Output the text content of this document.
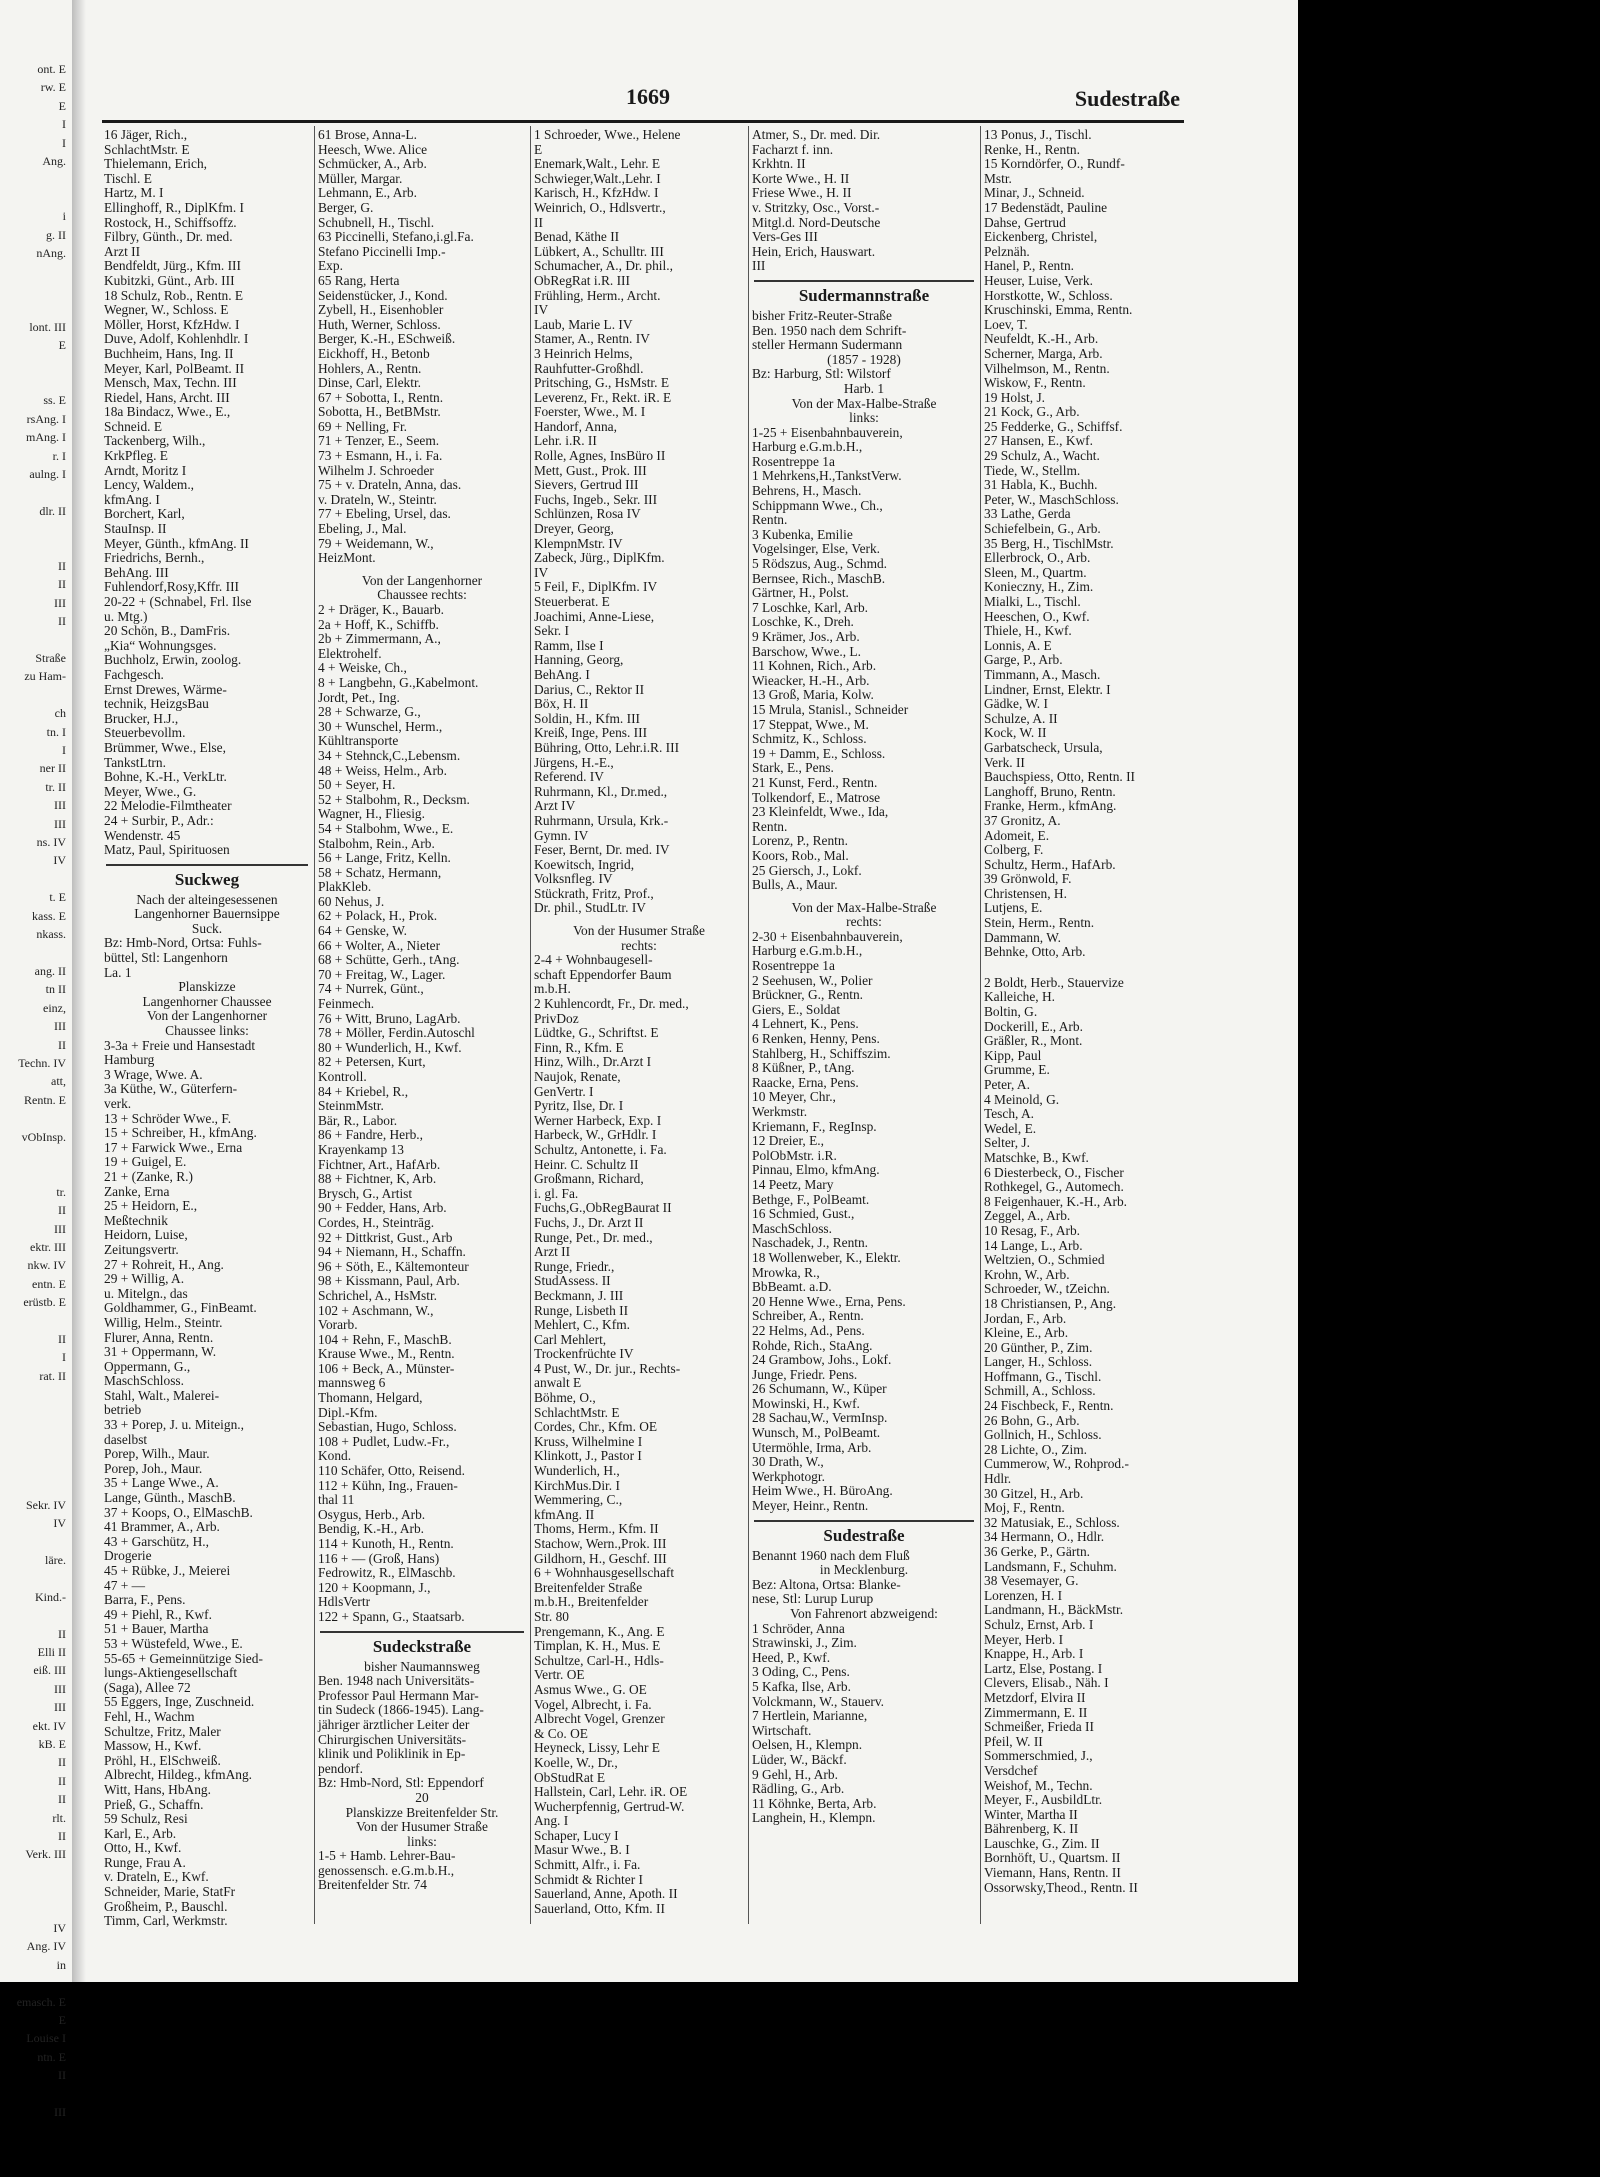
ont. E
rw. E
E
I
I
Ang.

i
g. II
nAng.

lont. III
E

ss. E
rsAng. I
mAng. I
r. I
aulng. I

dlr. II

II
II
III
II

Straße
zu Ham-

ch
tn. I
I
ner II
tr. II
III
III
ns. IV
IV

t. E
kass. E
nkass.

ang. II
tn II
einz,
III
II
Techn. IV
att,
Rentn. E

vObInsp.

tr.
II
III
ektr. III
nkw. IV
entn. E
erüstb. E

II
I
rat. II

Sekr. IV
IV

läre.

Kind.-

II
Elli II
eiß. III
III
III
ekt. IV
kB. E
II
II
II
rlt.
II
Verk. III

IV
Ang. IV
in

emasch. E
E
Louise I
ntn. E
II

III
1669	Sudestraße
16 Jäger, Rich.,
SchlachtMstr. E
Thielemann, Erich,
Tischl. E
Hartz, M. I
Ellinghoff, R., DiplKfm. I
Rostock, H., Schiffsoffz.
Filbry, Günth., Dr. med.
Arzt II
Bendfeldt, Jürg., Kfm. III
Kubitzki, Günt., Arb. III
18 Schulz, Rob., Rentn. E
Wegner, W., Schloss. E
Möller, Horst, KfzHdw. I
Duve, Adolf, Kohlenhdlr. I
Buchheim, Hans, Ing. II
Meyer, Karl, PolBeamt. II
Mensch, Max, Techn. III
Riedel, Hans, Archt. III
18a Bindacz, Wwe., E.,
Schneid. E
Tackenberg, Wilh.,
KrkPfleg. E
Arndt, Moritz I
Lency, Waldem.,
kfmAng. I
Borchert, Karl,
StauInsp. II
Meyer, Günth., kfmAng. II
Friedrichs, Bernh.,
BehAng. III
Fuhlendorf,Rosy,Kffr. III
20-22 + (Schnabel, Frl. Ilse
u. Mtg.)
20 Schön, B., DamFris.
„Kia“ Wohnungsges.
Buchholz, Erwin, zoolog.
Fachgesch.
Ernst Drewes, Wärme-
technik, HeizgsBau
Brucker, H.J.,
Steuerbevollm.
Brümmer, Wwe., Else,
TankstLtrn.
Bohne, K.-H., VerkLtr.
Meyer, Wwe., G.
22 Melodie-Filmtheater
24 + Surbir, P., Adr.:
Wendenstr. 45
Matz, Paul, Spirituosen
Suckweg
Nach der alteingesessenen
Langenhorner Bauernsippe
Suck.
Bz: Hmb-Nord, Ortsa: Fuhls-
büttel, Stl: Langenhorn
La. 1
Planskizze
Langenhorner Chaussee
Von der Langenhorner
Chaussee links:
3-3a + Freie und Hansestadt
Hamburg
3 Wrage, Wwe. A.
3a Küthe, W., Güterfern-
verk.
13 + Schröder Wwe., F.
15 + Schreiber, H., kfmAng.
17 + Farwick Wwe., Erna
19 + Guigel, E.
21 + (Zanke, R.)
Zanke, Erna
25 + Heidorn, E.,
Meßtechnik
Heidorn, Luise,
Zeitungsvertr.
27 + Rohreit, H., Ang.
29 + Willig, A.
u. Mitelgn., das
Goldhammer, G., FinBeamt.
Willig, Helm., Steintr.
Flurer, Anna, Rentn.
31 + Oppermann, W.
Oppermann, G.,
MaschSchloss.
Stahl, Walt., Malerei-
betrieb
33 + Porep, J. u. Miteign.,
daselbst
Porep, Wilh., Maur.
Porep, Joh., Maur.
35 + Lange Wwe., A.
Lange, Günth., MaschB.
37 + Koops, O., ElMaschB.
41 Brammer, A., Arb.
43 + Garschütz, H.,
Drogerie
45 + Rübke, J., Meierei
47 + —
Barra, F., Pens.
49 + Piehl, R., Kwf.
51 + Bauer, Martha
53 + Wüstefeld, Wwe., E.
55-65 + Gemeinnützige Sied-
lungs-Aktiengesellschaft
(Saga), Allee 72
55 Eggers, Inge, Zuschneid.
Fehl, H., Wachm
Schultze, Fritz, Maler
Massow, H., Kwf.
Pröhl, H., ElSchweiß.
Albrecht, Hildeg., kfmAng.
Witt, Hans, HbAng.
Prieß, G., Schaffn.
59 Schulz, Resi
Karl, E., Arb.
Otto, H., Kwf.
Runge, Frau A.
v. Drateln, E., Kwf.
Schneider, Marie, StatFr
Großheim, P., Bauschl.
Timm, Carl, Werkmstr.
61 Brose, Anna-L.
Heesch, Wwe. Alice
Schmücker, A., Arb.
Müller, Margar.
Lehmann, E., Arb.
Berger, G.
Schubnell, H., Tischl.
63 Piccinelli, Stefano,i.gl.Fa.
Stefano Piccinelli Imp.-
Exp.
65 Rang, Herta
Seidenstücker, J., Kond.
Zybell, H., Eisenhobler
Huth, Werner, Schloss.
Berger, K.-H., ESchweiß.
Eickhoff, H., Betonb
Hohlers, A., Rentn.
Dinse, Carl, Elektr.
67 + Sobotta, I., Rentn.
Sobotta, H., BetBMstr.
69 + Nelling, Fr.
71 + Tenzer, E., Seem.
73 + Esmann, H., i. Fa.
Wilhelm J. Schroeder
75 + v. Drateln, Anna, das.
v. Drateln, W., Steintr.
77 + Ebeling, Ursel, das.
Ebeling, J., Mal.
79 + Weidemann, W.,
HeizMont.
Von der Langenhorner
Chaussee rechts:
2 + Dräger, K., Bauarb.
2a + Hoff, K., Schiffb.
2b + Zimmermann, A.,
Elektrohelf.
4 + Weiske, Ch.,
8 + Langbehn, G.,Kabelmont.
Jordt, Pet., Ing.
28 + Schwarze, G.,
30 + Wunschel, Herm.,
Kühltransporte
34 + Stehnck,C.,Lebensm.
48 + Weiss, Helm., Arb.
50 + Seyer, H.
52 + Stalbohm, R., Decksm.
Wagner, H., Fliesig.
54 + Stalbohm, Wwe., E.
Stalbohm, Rein., Arb.
56 + Lange, Fritz, Kelln.
58 + Schatz, Hermann,
PlakKleb.
60 Nehus, J.
62 + Polack, H., Prok.
64 + Genske, W.
66 + Wolter, A., Nieter
68 + Schütte, Gerh., tAng.
70 + Freitag, W., Lager.
74 + Nurrek, Günt.,
Feinmech.
76 + Witt, Bruno, LagArb.
78 + Möller, Ferdin.Autoschl
80 + Wunderlich, H., Kwf.
82 + Petersen, Kurt,
Kontroll.
84 + Kriebel, R.,
SteinmMstr.
Bär, R., Labor.
86 + Fandre, Herb.,
Krayenkamp 13
Fichtner, Art., HafArb.
88 + Fichtner, K, Arb.
Brysch, G., Artist
90 + Fedder, Hans, Arb.
Cordes, H., Steintrāg.
92 + Dittkrist, Gust., Arb
94 + Niemann, H., Schaffn.
96 + Söth, E., Kältemonteur
98 + Kissmann, Paul, Arb.
Schrichel, A., HsMstr.
102 + Aschmann, W.,
Vorarb.
104 + Rehn, F., MaschB.
Krause Wwe., M., Rentn.
106 + Beck, A., Münster-
mannsweg 6
Thomann, Helgard,
Dipl.-Kfm.
Sebastian, Hugo, Schloss.
108 + Pudlet, Ludw.-Fr.,
Kond.
110 Schäfer, Otto, Reisend.
112 + Kühn, Ing., Frauen-
thal 11
Osygus, Herb., Arb.
Bendig, K.-H., Arb.
114 + Kunoth, H., Rentn.
116 + — (Groß, Hans)
Fedrowitz, R., ElMaschb.
120 + Koopmann, J.,
HdlsVertr
122 + Spann, G., Staatsarb.
Sudeckstraße
bisher Naumannsweg
Ben. 1948 nach Universitäts-
Professor Paul Hermann Mar-
tin Sudeck (1866-1945). Lang-
jähriger ärztlicher Leiter der
Chirurgischen Universitäts-
klinik und Poliklinik in Ep-
pendorf.
Bz: Hmb-Nord, Stl: Eppendorf
20
Planskizze Breitenfelder Str.
Von der Husumer Straße
links:
1-5 + Hamb. Lehrer-Bau-
genossensch. e.G.m.b.H.,
Breitenfelder Str. 74
1 Schroeder, Wwe., Helene
E
Enemark,Walt., Lehr. E
Schwieger,Walt.,Lehr. I
Karisch, H., KfzHdw. I
Weinrich, O., Hdlsvertr.,
II
Benad, Käthe II
Lübkert, A., Schulltr. III
Schumacher, A., Dr. phil.,
ObRegRat i.R. III
Frühling, Herm., Archt.
IV
Laub, Marie L. IV
Stamer, A., Rentn. IV
3 Heinrich Helms,
Rauhfutter-Großhdl.
Pritsching, G., HsMstr. E
Leverenz, Fr., Rekt. iR. E
Foerster, Wwe., M. I
Handorf, Anna,
Lehr. i.R. II
Rolle, Agnes, InsBüro II
Mett, Gust., Prok. III
Sievers, Gertrud III
Fuchs, Ingeb., Sekr. III
Schlünzen, Rosa IV
Dreyer, Georg,
KlempnMstr. IV
Zabeck, Jürg., DiplKfm.
IV
5 Feil, F., DiplKfm. IV
Steuerberat. E
Joachimi, Anne-Liese,
Sekr. I
Ramm, Ilse I
Hanning, Georg,
BehAng. I
Darius, C., Rektor II
Böx, H. II
Soldin, H., Kfm. III
Kreiß, Inge, Pens. III
Bühring, Otto, Lehr.i.R. III
Jürgens, H.-E.,
Referend. IV
Ruhrmann, Kl., Dr.med.,
Arzt IV
Ruhrmann, Ursula, Krk.-
Gymn. IV
Feser, Bernt, Dr. med. IV
Koewitsch, Ingrid,
Volksnfleg. IV
Stückrath, Fritz, Prof.,
Dr. phil., StudLtr. IV
Von der Husumer Straße
rechts:
2-4 + Wohnbaugesell-
schaft Eppendorfer Baum
m.b.H.
2 Kuhlencordt, Fr., Dr. med.,
PrivDoz
Lüdtke, G., Schriftst. E
Finn, R., Kfm. E
Hinz, Wilh., Dr.Arzt I
Naujok, Renate,
GenVertr. I
Pyritz, Ilse, Dr. I
Werner Harbeck, Exp. I
Harbeck, W., GrHdlr. I
Schultz, Antonette, i. Fa.
Heinr. C. Schultz II
Großmann, Richard,
i. gl. Fa.
Fuchs,G.,ObRegBaurat II
Fuchs, J., Dr. Arzt II
Runge, Pet., Dr. med.,
Arzt II
Runge, Friedr.,
StudAssess. II
Beckmann, J. III
Runge, Lisbeth II
Mehlert, C., Kfm.
Carl Mehlert,
Trockenfrüchte IV
4 Pust, W., Dr. jur., Rechts-
anwalt E
Böhme, O.,
SchlachtMstr. E
Cordes, Chr., Kfm. OE
Kruss, Wilhelmine I
Klinkott, J., Pastor I
Wunderlich, H.,
KirchMus.Dir. I
Wemmering, C.,
kfmAng. II
Thoms, Herm., Kfm. II
Stachow, Wern.,Prok. III
Gildhorn, H., Geschf. III
6 + Wohnhausgesellschaft
Breitenfelder Straße
m.b.H., Breitenfelder
Str. 80
Prengemann, K., Ang. E
Timplan, K. H., Mus. E
Schultze, Carl-H., Hdls-
Vertr. OE
Asmus Wwe., G. OE
Vogel, Albrecht, i. Fa.
Albrecht Vogel, Grenzer
& Co. OE
Heyneck, Lissy, Lehr E
Koelle, W., Dr.,
ObStudRat E
Hallstein, Carl, Lehr. iR. OE
Wucherpfennig, Gertrud-W.
Ang. I
Schaper, Lucy I
Masur Wwe., B. I
Schmitt, Alfr., i. Fa.
Schmidt & Richter I
Sauerland, Anne, Apoth. II
Sauerland, Otto, Kfm. II
Atmer, S., Dr. med. Dir.
Facharzt f. inn.
Krkhtn. II
Korte Wwe., H. II
Friese Wwe., H. II
v. Stritzky, Osc., Vorst.-
Mitgl.d. Nord-Deutsche
Vers-Ges III
Hein, Erich, Hauswart.
III
Sudermannstraße
bisher Fritz-Reuter-Straße
Ben. 1950 nach dem Schrift-
steller Hermann Sudermann
(1857 - 1928)
Bz: Harburg, Stl: Wilstorf
Harb. 1
Von der Max-Halbe-Straße
links:
1-25 + Eisenbahnbauverein,
Harburg e.G.m.b.H.,
Rosentreppe 1a
1 Mehrkens,H.,TankstVerw.
Behrens, H., Masch.
Schippmann Wwe., Ch.,
Rentn.
3 Kubenka, Emilie
Vogelsinger, Else, Verk.
5 Rödszus, Aug., Schmd.
Bernsee, Rich., MaschB.
Gärtner, H., Polst.
7 Loschke, Karl, Arb.
Loschke, K., Dreh.
9 Krämer, Jos., Arb.
Barschow, Wwe., L.
11 Kohnen, Rich., Arb.
Wieacker, H.-H., Arb.
13 Groß, Maria, Kolw.
15 Mrula, Stanisl., Schneider
17 Steppat, Wwe., M.
Schmitz, K., Schloss.
19 + Damm, E., Schloss.
Stark, E., Pens.
21 Kunst, Ferd., Rentn.
Tolkendorf, E., Matrose
23 Kleinfeldt, Wwe., Ida,
Rentn.
Lorenz, P., Rentn.
Koors, Rob., Mal.
25 Giersch, J., Lokf.
Bulls, A., Maur.
Von der Max-Halbe-Straße
rechts:
2-30 + Eisenbahnbauverein,
Harburg e.G.m.b.H.,
Rosentreppe 1a
2 Seehusen, W., Polier
Brückner, G., Rentn.
Giers, E., Soldat
4 Lehnert, K., Pens.
6 Renken, Henny, Pens.
Stahlberg, H., Schiffszim.
8 Küßner, P., tAng.
Raacke, Erna, Pens.
10 Meyer, Chr.,
Werkmstr.
Kriemann, F., RegInsp.
12 Dreier, E.,
PolObMstr. i.R.
Pinnau, Elmo, kfmAng.
14 Peetz, Mary
Bethge, F., PolBeamt.
16 Schmied, Gust.,
MaschSchloss.
Naschadek, J., Rentn.
18 Wollenweber, K., Elektr.
Mrowka, R.,
BbBeamt. a.D.
20 Henne Wwe., Erna, Pens.
Schreiber, A., Rentn.
22 Helms, Ad., Pens.
Rohde, Rich., StaAng.
24 Grambow, Johs., Lokf.
Junge, Friedr. Pens.
26 Schumann, W., Küper
Mowinski, H., Kwf.
28 Sachau,W., VermInsp.
Wunsch, M., PolBeamt.
Utermöhle, Irma, Arb.
30 Drath, W.,
Werkphotogr.
Heim Wwe., H. BüroAng.
Meyer, Heinr., Rentn.
Sudestraße
Benannt 1960 nach dem Fluß
in Mecklenburg.
Bez: Altona, Ortsa: Blanke-
nese, Stl: Lurup Lurup
Von Fahrenort abzweigend:
1 Schröder, Anna
Strawinski, J., Zim.
Heed, P., Kwf.
3 Oding, C., Pens.
5 Kafka, Ilse, Arb.
Volckmann, W., Stauerv.
7 Hertlein, Marianne,
Wirtschaft.
Oelsen, H., Klempn.
Lüder, W., Bäckf.
9 Gehl, H., Arb.
Rädling, G., Arb.
11 Köhnke, Berta, Arb.
Langhein, H., Klempn.
13 Ponus, J., Tischl.
Renke, H., Rentn.
15 Korndörfer, O., Rundf-
Mstr.
Minar, J., Schneid.
17 Bedenstädt, Pauline
Dahse, Gertrud
Eickenberg, Christel,
Pelznäh.
Hanel, P., Rentn.
Heuser, Luise, Verk.
Horstkotte, W., Schloss.
Kruschinski, Emma, Rentn.
Loev, T.
Neufeldt, K.-H., Arb.
Scherner, Marga, Arb.
Vilhelmson, M., Rentn.
Wiskow, F., Rentn.
19 Holst, J.
21 Kock, G., Arb.
25 Fedderke, G., Schiffsf.
27 Hansen, E., Kwf.
29 Schulz, A., Wacht.
Tiede, W., Stellm.
31 Habla, K., Buchh.
Peter, W., MaschSchloss.
33 Lathe, Gerda
Schiefelbein, G., Arb.
35 Berg, H., TischlMstr.
Ellerbrock, O., Arb.
Sleen, M., Quartm.
Konieczny, H., Zim.
Mialki, L., Tischl.
Heeschen, O., Kwf.
Thiele, H., Kwf.
Lonnis, A. E
Garge, P., Arb.
Timmann, A., Masch.
Lindner, Ernst, Elektr. I
Gädke, W. I
Schulze, A. II
Kock, W. II
Garbatscheck, Ursula,
Verk. II
Bauchspiess, Otto, Rentn. II
Langhoff, Bruno, Rentn.
Franke, Herm., kfmAng.
37 Gronitz, A.
Adomeit, E.
Colberg, F.
Schultz, Herm., HafArb.
39 Grönwold, F.
Christensen, H.
Lutjens, E.
Stein, Herm., Rentn.
Dammann, W.
Behnke, Otto, Arb.
2 Boldt, Herb., Stauervize
Kalleiche, H.
Boltin, G.
Dockerill, E., Arb.
Gräßler, R., Mont.
Kipp, Paul
Grumme, E.
Peter, A.
4 Meinold, G.
Tesch, A.
Wedel, E.
Selter, J.
Matschke, B., Kwf.
6 Diesterbeck, O., Fischer
Rothkegel, G., Automech.
8 Feigenhauer, K.-H., Arb.
Zeggel, A., Arb.
10 Resag, F., Arb.
14 Lange, L., Arb.
Weltzien, O., Schmied
Krohn, W., Arb.
Schroeder, W., tZeichn.
18 Christiansen, P., Ang.
Jordan, F., Arb.
Kleine, E., Arb.
20 Günther, P., Zim.
Langer, H., Schloss.
Hoffmann, G., Tischl.
Schmill, A., Schloss.
24 Fischbeck, F., Rentn.
26 Bohn, G., Arb.
Gollnich, H., Schloss.
28 Lichte, O., Zim.
Cummerow, W., Rohprod.-
Hdlr.
30 Gitzel, H., Arb.
Moj, F., Rentn.
32 Matusiak, E., Schloss.
34 Hermann, O., Hdlr.
36 Gerke, P., Gärtn.
Landsmann, F., Schuhm.
38 Vesemayer, G.
Lorenzen, H. I
Landmann, H., BäckMstr.
Schulz, Ernst, Arb. I
Meyer, Herb. I
Knappe, H., Arb. I
Lartz, Else, Postang. I
Clevers, Elisab., Näh. I
Metzdorf, Elvira II
Zimmermann, E. II
Schmeißer, Frieda II
Pfeil, W. II
Sommerschmied, J.,
Versdchef
Weishof, M., Techn.
Meyer, F., AusbildLtr.
Winter, Martha II
Bährenberg, K. II
Lauschke, G., Zim. II
Bornhöft, U., Quartsm. II
Viemann, Hans, Rentn. II
Ossorwsky,Theod., Rentn. II
